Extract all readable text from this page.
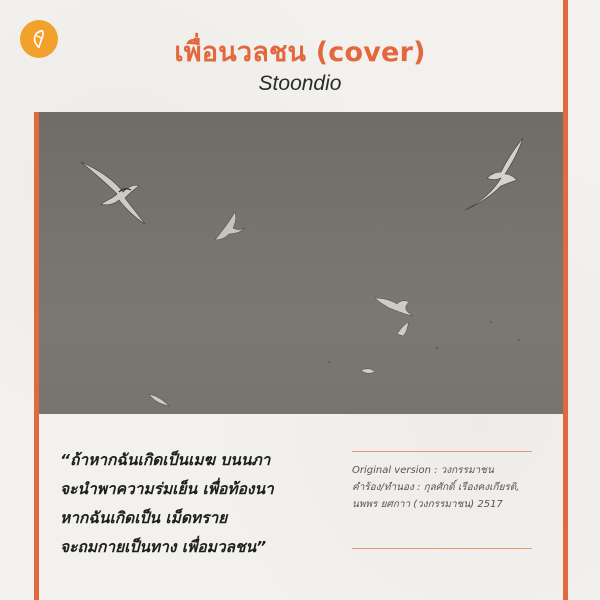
เพื่อนวลชน (cover)
Stoondio
“ถ้าหากฉันเกิดเป็นเมฆ บนนภา
จะนำพาความร่มเย็น เพื่อท้องนา
หากฉันเกิดเป็น เม็ดทราย
จะถมกายเป็นทาง เพื่อมวลชน”
Original version : วงกรรมาชน
คำร้อง/ทำนอง : กุลศักดิ์ เรืองคงเกียรติ,
นพพร ยศกาา (วงกรรมาชน) 2517
